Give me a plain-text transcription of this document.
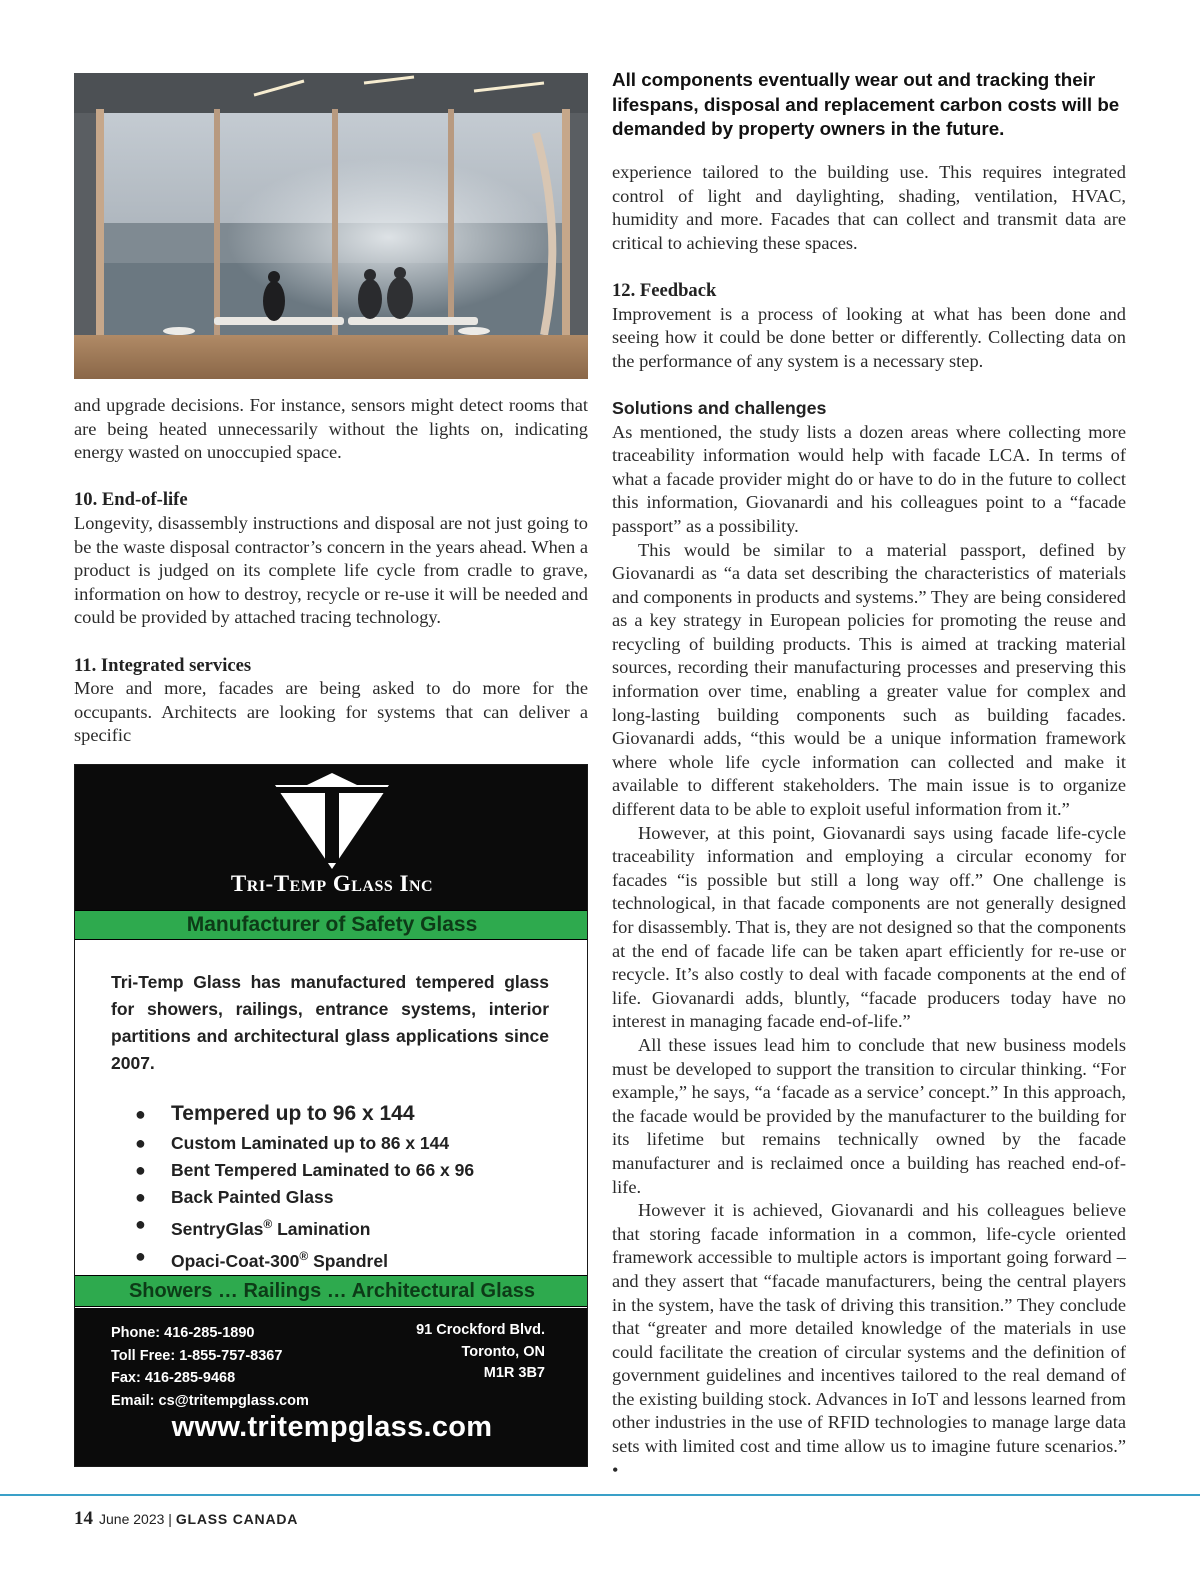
All components eventually wear out and tracking their lifespans, disposal and replacement carbon costs will be demanded by property owners in the future.

and upgrade decisions. For instance, sensors might detect rooms that are being heated unnecessarily without the lights on, indicating energy wasted on unoccupied space.

10. End-of-life

Longevity, disassembly instructions and disposal are not just going to be the waste disposal contractor’s concern in the years ahead. When a product is judged on its complete life cycle from cradle to grave, information on how to destroy, recycle or re-use it will be needed and could be provided by attached tracing technology.

11. Integrated services

More and more, facades are being asked to do more for the occupants. Architects are looking for systems that can deliver a specific

experience tailored to the building use. This requires integrated control of light and daylighting, shading, ventilation, HVAC, humidity and more. Facades that can collect and transmit data are critical to achieving these spaces.

12. Feedback

Improvement is a process of looking at what has been done and seeing how it could be done better or differently. Collecting data on the performance of any system is a necessary step.

Solutions and challenges

As mentioned, the study lists a dozen areas where collecting more traceability information would help with facade LCA. In terms of what a facade provider might do or have to do in the future to collect this information, Giovanardi and his colleagues point to a “facade passport” as a possibility.

This would be similar to a material passport, defined by Giovanardi as “a data set describing the characteristics of materials and components in products and systems.” They are being considered as a key strategy in European policies for promoting the reuse and recycling of building products. This is aimed at tracking material sources, recording their manufacturing processes and preserving this information over time, enabling a greater value for complex and long-lasting building components such as building facades. Giovanardi adds, “this would be a unique information framework where whole life cycle information can collected and make it available to different stakeholders. The main issue is to organize different data to be able to exploit useful information from it.”

However, at this point, Giovanardi says using facade life-cycle traceability information and employing a circular economy for facades “is possible but still a long way off.” One challenge is technological, in that facade components are not generally designed for disassembly. That is, they are not designed so that the components at the end of facade life can be taken apart efficiently for re-use or recycle. It’s also costly to deal with facade components at the end of life. Giovanardi adds, bluntly, “facade producers today have no interest in managing facade end-of-life.”

All these issues lead him to conclude that new business models must be developed to support the transition to circular thinking. “For example,” he says, “a ‘facade as a service’ concept.” In this approach, the facade would be provided by the manufacturer to the building for its lifetime but remains technically owned by the facade manufacturer and is reclaimed once a building has reached end-of-life.

However it is achieved, Giovanardi and his colleagues believe that storing facade information in a common, life-cycle oriented framework accessible to multiple actors is important going forward – and they assert that “facade manufacturers, being the central players in the system, have the task of driving this transition.” They conclude that “greater and more detailed knowledge of the materials in use could facilitate the creation of circular systems and the definition of government guidelines and incentives tailored to the real demand of the existing building stock. Advances in IoT and lessons learned from other industries in the use of RFID technologies to manage large data sets with limited cost and time allow us to imagine future scenarios.” •

Tri-Temp Glass Inc
Manufacturer of Safety Glass

Tri-Temp Glass has manufactured tempered glass for showers, railings, entrance systems, interior partitions and architectural glass applications since 2007.

● Tempered up to 96 x 144
● Custom Laminated up to 86 x 144
● Bent Tempered Laminated to 66 x 96
● Back Painted Glass
● SentryGlas® Lamination
● Opaci-Coat-300® Spandrel
Showers … Railings … Architectural Glass
Phone: 416-285-1890
Toll Free: 1-855-757-8367
Fax: 416-285-9468
Email: cs@tritempglass.com
91 Crockford Blvd.
Toronto, ON
M1R 3B7
www.tritempglass.com
14 June 2023 | GLASS CANADA
